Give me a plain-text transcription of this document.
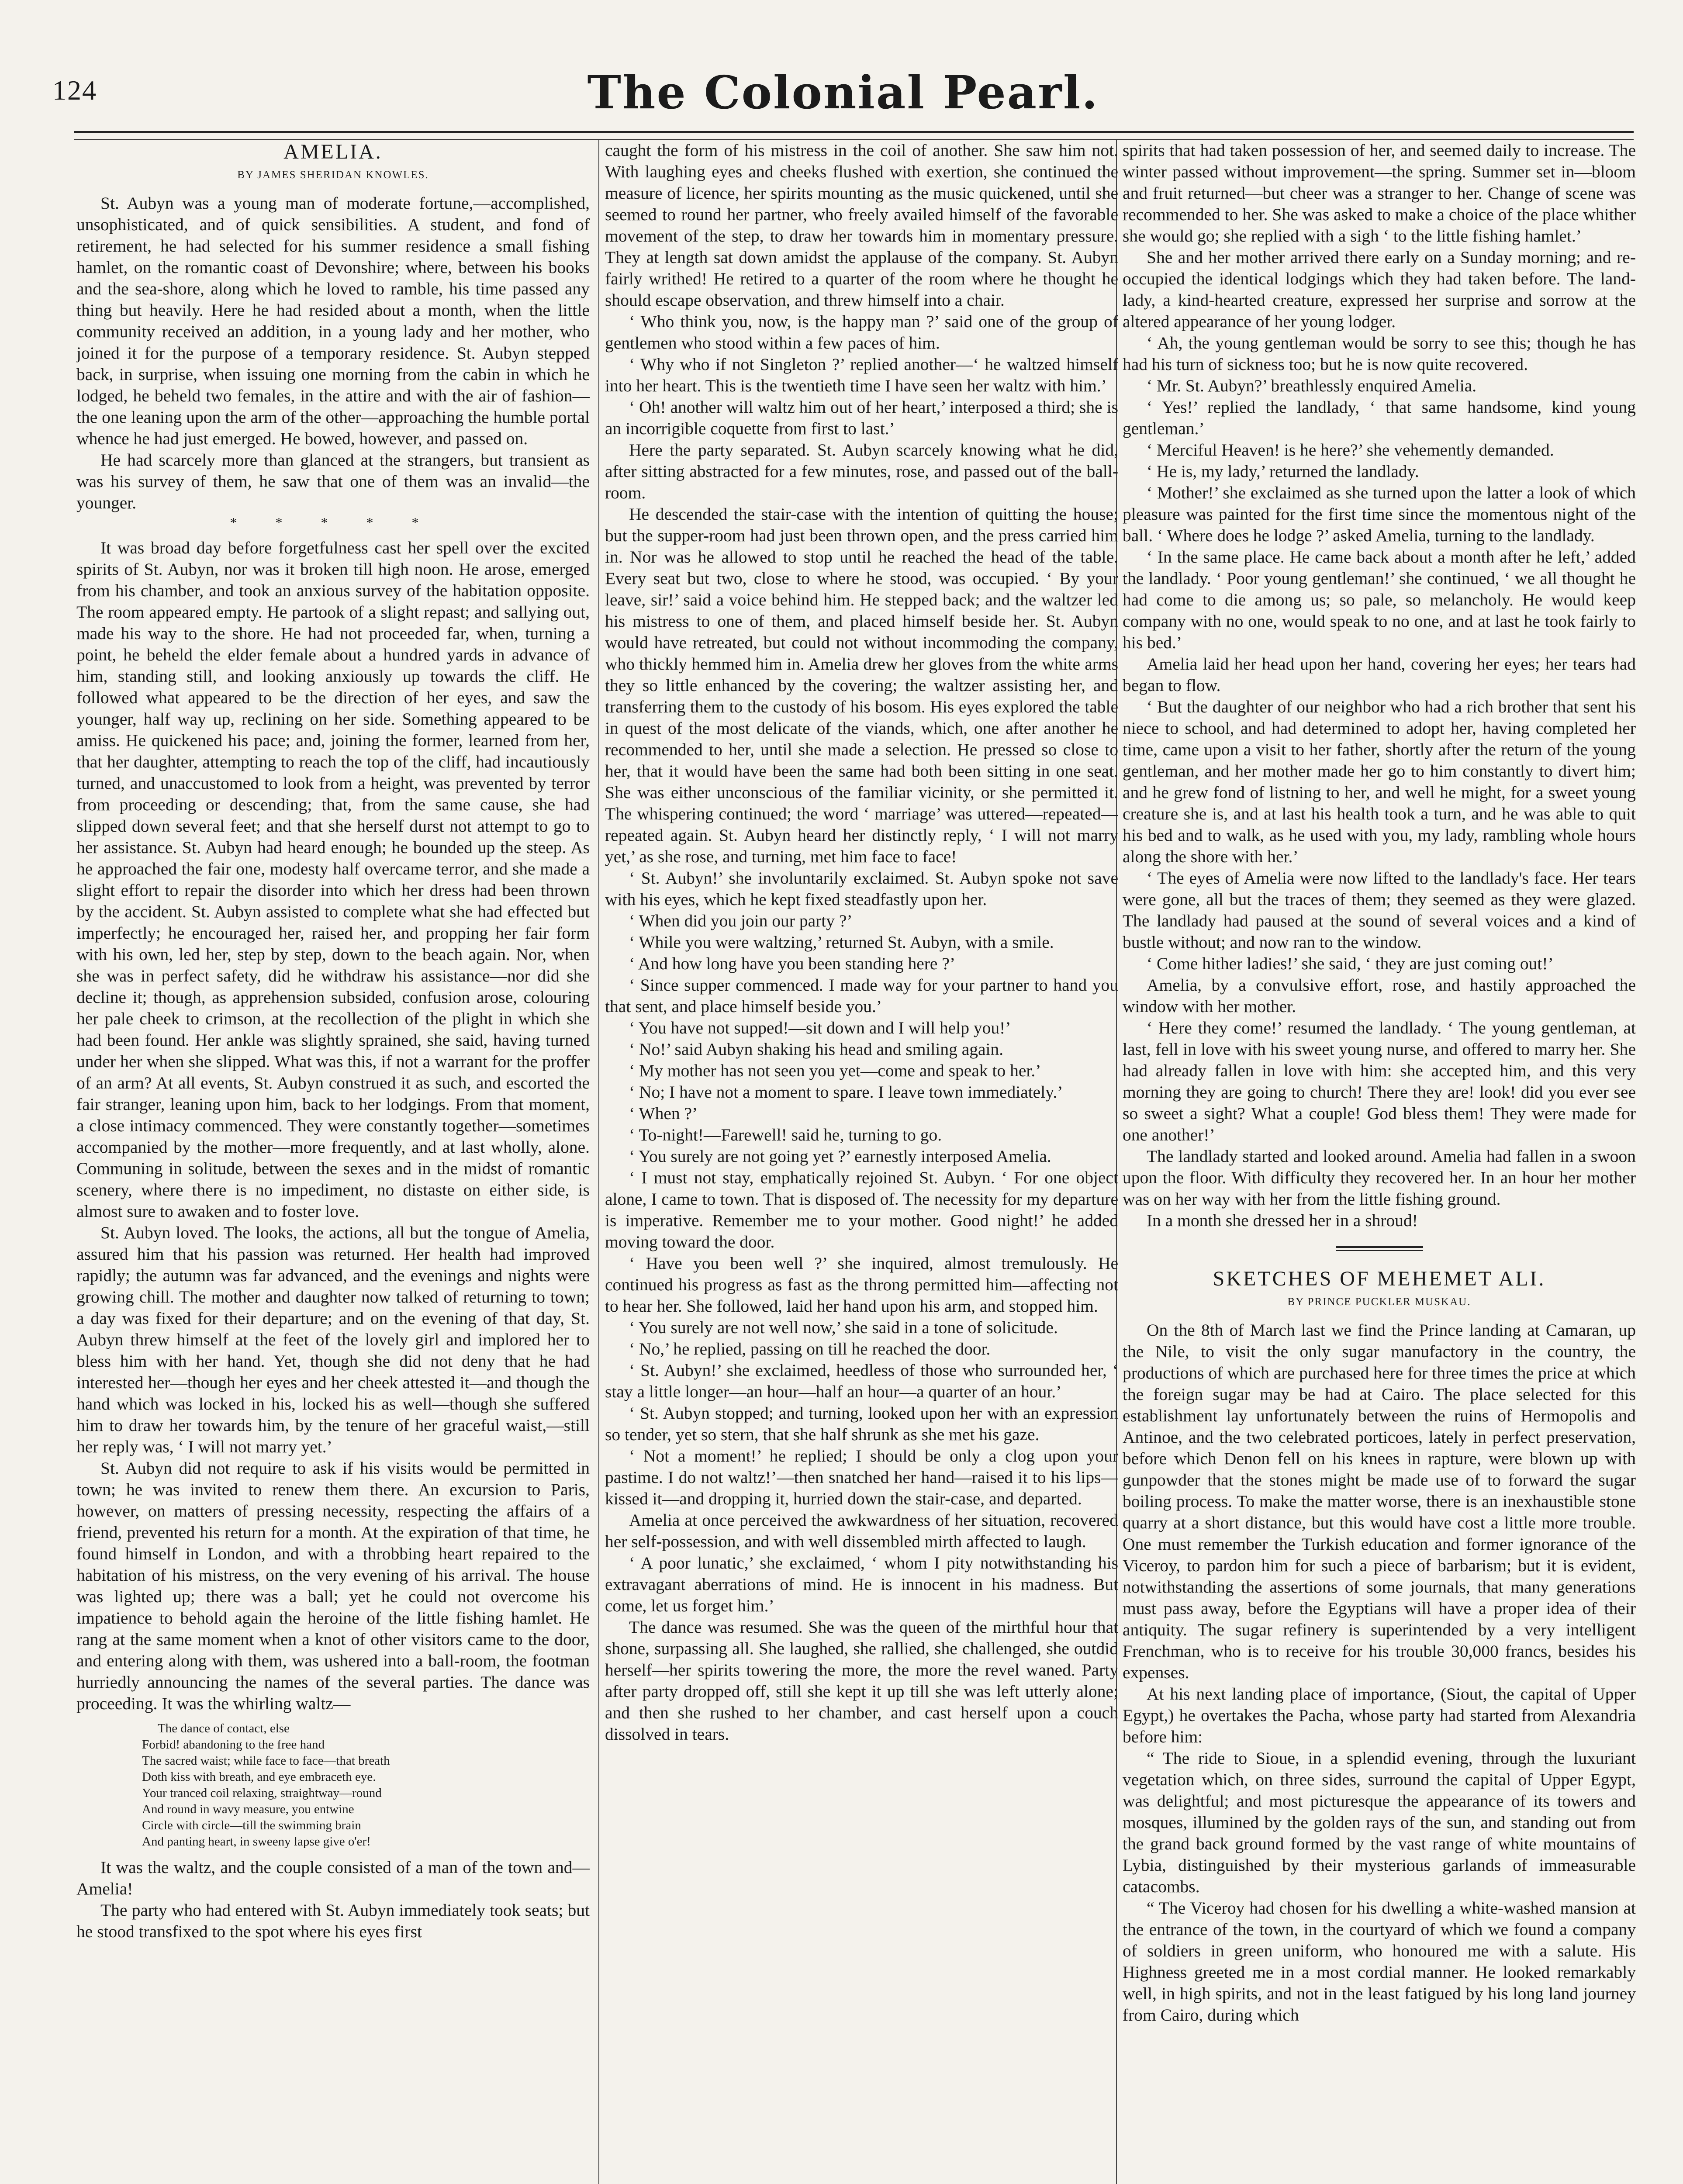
124	The Colonial Pearl.
AMELIA.
BY JAMES SHERIDAN KNOWLES.

St. Aubyn was a young man of moderate fortune,—accomplished, unsophisticated, and of quick sensibilities. A student, and fond of retirement, he had selected for his summer residence a small fishing hamlet, on the romantic coast of Devonshire; where, between his books and the sea-shore, along which he loved to ramble, his time passed any thing but heavily. Here he had resided about a month, when the little community received an addition, in a young lady and her mother, who joined it for the purpose of a temporary residence. St. Aubyn stepped back, in surprise, when issuing one morning from the cabin in which he lodged, he beheld two females, in the attire and with the air of fashion—the one leaning upon the arm of the other—approaching the humble portal whence he had just emerged. He bowed, however, and passed on.

He had scarcely more than glanced at the strangers, but transient as was his survey of them, he saw that one of them was an invalid—the younger.

* * * * *

It was broad day before forgetfulness cast her spell over the excited spirits of St. Aubyn, nor was it broken till high noon. He arose, emerged from his chamber, and took an anxious survey of the habitation opposite. The room appeared empty. He partook of a slight repast; and sallying out, made his way to the shore. He had not proceeded far, when, turning a point, he beheld the elder female about a hundred yards in advance of him, standing still, and looking anxiously up towards the cliff. He followed what appeared to be the direction of her eyes, and saw the younger, half way up, reclining on her side. Something appeared to be amiss. He quickened his pace; and, joining the former, learned from her, that her daughter, attempting to reach the top of the cliff, had incautiously turned, and unaccustomed to look from a height, was prevented by terror from proceeding or descending; that, from the same cause, she had slipped down several feet; and that she herself durst not attempt to go to her assistance. St. Aubyn had heard enough; he bounded up the steep. As he approached the fair one, modesty half overcame terror, and she made a slight effort to repair the disorder into which her dress had been thrown by the accident. St. Aubyn assisted to complete what she had effected but imperfectly; he encouraged her, raised her, and propping her fair form with his own, led her, step by step, down to the beach again. Nor, when she was in perfect safety, did he withdraw his assistance—nor did she decline it; though, as apprehension subsided, confusion arose, colouring her pale cheek to crimson, at the recollection of the plight in which she had been found. Her ankle was slightly sprained, she said, having turned under her when she slipped. What was this, if not a warrant for the proffer of an arm? At all events, St. Aubyn construed it as such, and escorted the fair stranger, leaning upon him, back to her lodgings. From that moment, a close intimacy commenced. They were constantly together—sometimes accompanied by the mother—more frequently, and at last wholly, alone. Communing in solitude, between the sexes and in the midst of romantic scenery, where there is no impediment, no distaste on either side, is almost sure to awaken and to foster love.

St. Aubyn loved. The looks, the actions, all but the tongue of Amelia, assured him that his passion was returned. Her health had improved rapidly; the autumn was far advanced, and the evenings and nights were growing chill. The mother and daughter now talked of returning to town; a day was fixed for their departure; and on the evening of that day, St. Aubyn threw himself at the feet of the lovely girl and implored her to bless him with her hand. Yet, though she did not deny that he had interested her—though her eyes and her cheek attested it—and though the hand which was locked in his, locked his as well—though she suffered him to draw her towards him, by the tenure of her graceful waist,—still her reply was, ‘ I will not marry yet.’

St. Aubyn did not require to ask if his visits would be permitted in town; he was invited to renew them there. An excursion to Paris, however, on matters of pressing necessity, respecting the affairs of a friend, prevented his return for a month. At the expiration of that time, he found himself in London, and with a throbbing heart repaired to the habitation of his mistress, on the very evening of his arrival. The house was lighted up; there was a ball; yet he could not overcome his impatience to behold again the heroine of the little fishing hamlet. He rang at the same moment when a knot of other visitors came to the door, and entering along with them, was ushered into a ball-room, the footman hurriedly announcing the names of the several parties. The dance was proceeding. It was the whirling waltz—

The dance of contact, else
Forbid! abandoning to the free hand
The sacred waist; while face to face—that breath
Doth kiss with breath, and eye embraceth eye.
Your tranced coil relaxing, straightway—round
And round in wavy measure, you entwine
Circle with circle—till the swimming brain
And panting heart, in sweeny lapse give o'er!

It was the waltz, and the couple consisted of a man of the town and—Amelia!

The party who had entered with St. Aubyn immediately took seats; but he stood transfixed to the spot where his eyes first

caught the form of his mistress in the coil of another. She saw him not. With laughing eyes and cheeks flushed with exertion, she continued the measure of licence, her spirits mounting as the music quickened, until she seemed to round her partner, who freely availed himself of the favorable movement of the step, to draw her towards him in momentary pressure. They at length sat down amidst the applause of the company. St. Aubyn fairly writhed! He retired to a quarter of the room where he thought he should escape observation, and threw himself into a chair.

‘ Who think you, now, is the happy man ?’ said one of the group of gentlemen who stood within a few paces of him.

‘ Why who if not Singleton ?’ replied another—‘ he waltzed himself into her heart. This is the twentieth time I have seen her waltz with him.’

‘ Oh! another will waltz him out of her heart,’ interposed a third; she is an incorrigible coquette from first to last.’

Here the party separated. St. Aubyn scarcely knowing what he did, after sitting abstracted for a few minutes, rose, and passed out of the ball-room.

He descended the stair-case with the intention of quitting the house; but the supper-room had just been thrown open, and the press carried him in. Nor was he allowed to stop until he reached the head of the table. Every seat but two, close to where he stood, was occupied. ‘ By your leave, sir!’ said a voice behind him. He stepped back; and the waltzer led his mistress to one of them, and placed himself beside her. St. Aubyn would have retreated, but could not without incommoding the company, who thickly hemmed him in. Amelia drew her gloves from the white arms they so little enhanced by the covering; the waltzer assisting her, and transferring them to the custody of his bosom. His eyes explored the table in quest of the most delicate of the viands, which, one after another he recommended to her, until she made a selection. He pressed so close to her, that it would have been the same had both been sitting in one seat. She was either unconscious of the familiar vicinity, or she permitted it. The whispering continued; the word ‘ marriage’ was uttered—repeated—repeated again. St. Aubyn heard her distinctly reply, ‘ I will not marry yet,’ as she rose, and turning, met him face to face!

‘ St. Aubyn!’ she involuntarily exclaimed. St. Aubyn spoke not save with his eyes, which he kept fixed steadfastly upon her.

‘ When did you join our party ?’

‘ While you were waltzing,’ returned St. Aubyn, with a smile.

‘ And how long have you been standing here ?’

‘ Since supper commenced. I made way for your partner to hand you that sent, and place himself beside you.’

‘ You have not supped!—sit down and I will help you!’

‘ No!’ said Aubyn shaking his head and smiling again.

‘ My mother has not seen you yet—come and speak to her.’

‘ No; I have not a moment to spare. I leave town immediately.’

‘ When ?’

‘ To-night!—Farewell! said he, turning to go.

‘ You surely are not going yet ?’ earnestly interposed Amelia.

‘ I must not stay, emphatically rejoined St. Aubyn. ‘ For one object alone, I came to town. That is disposed of. The necessity for my departure is imperative. Remember me to your mother. Good night!’ he added moving toward the door.

‘ Have you been well ?’ she inquired, almost tremulously. He continued his progress as fast as the throng permitted him—affecting not to hear her. She followed, laid her hand upon his arm, and stopped him.

‘ You surely are not well now,’ she said in a tone of solicitude.

‘ No,’ he replied, passing on till he reached the door.

‘ St. Aubyn!’ she exclaimed, heedless of those who surrounded her, ‘ stay a little longer—an hour—half an hour—a quarter of an hour.’

‘ St. Aubyn stopped; and turning, looked upon her with an expression so tender, yet so stern, that she half shrunk as she met his gaze.

‘ Not a moment!’ he replied; I should be only a clog upon your pastime. I do not waltz!’—then snatched her hand—raised it to his lips—kissed it—and dropping it, hurried down the stair-case, and departed.

Amelia at once perceived the awkwardness of her situation, recovered her self-possession, and with well dissembled mirth affected to laugh.

‘ A poor lunatic,’ she exclaimed, ‘ whom I pity notwithstanding his extravagant aberrations of mind. He is innocent in his madness. But come, let us forget him.’

The dance was resumed. She was the queen of the mirthful hour that shone, surpassing all. She laughed, she rallied, she challenged, she outdid herself—her spirits towering the more, the more the revel waned. Party after party dropped off, still she kept it up till she was left utterly alone; and then she rushed to her chamber, and cast herself upon a couch dissolved in tears.

spirits that had taken possession of her, and seemed daily to increase. The winter passed without improvement—the spring. Summer set in—bloom and fruit returned—but cheer was a stranger to her. Change of scene was recommended to her. She was asked to make a choice of the place whither she would go; she replied with a sigh ‘ to the little fishing hamlet.’

She and her mother arrived there early on a Sunday morning; and re-occupied the identical lodgings which they had taken before. The land-lady, a kind-hearted creature, expressed her surprise and sorrow at the altered appearance of her young lodger.

‘ Ah, the young gentleman would be sorry to see this; though he has had his turn of sickness too; but he is now quite recovered.

‘ Mr. St. Aubyn?’ breathlessly enquired Amelia.

‘ Yes!’ replied the landlady, ‘ that same handsome, kind young gentleman.’

‘ Merciful Heaven! is he here?’ she vehemently demanded.

‘ He is, my lady,’ returned the landlady.

‘ Mother!’ she exclaimed as she turned upon the latter a look of which pleasure was painted for the first time since the momentous night of the ball. ‘ Where does he lodge ?’ asked Amelia, turning to the landlady.

‘ In the same place. He came back about a month after he left,’ added the landlady. ‘ Poor young gentleman!’ she continued, ‘ we all thought he had come to die among us; so pale, so melancholy. He would keep company with no one, would speak to no one, and at last he took fairly to his bed.’

Amelia laid her head upon her hand, covering her eyes; her tears had began to flow.

‘ But the daughter of our neighbor who had a rich brother that sent his niece to school, and had determined to adopt her, having completed her time, came upon a visit to her father, shortly after the return of the young gentleman, and her mother made her go to him constantly to divert him; and he grew fond of listning to her, and well he might, for a sweet young creature she is, and at last his health took a turn, and he was able to quit his bed and to walk, as he used with you, my lady, rambling whole hours along the shore with her.’

‘ The eyes of Amelia were now lifted to the landlady's face. Her tears were gone, all but the traces of them; they seemed as they were glazed. The landlady had paused at the sound of several voices and a kind of bustle without; and now ran to the window.

‘ Come hither ladies!’ she said, ‘ they are just coming out!’

Amelia, by a convulsive effort, rose, and hastily approached the window with her mother.

‘ Here they come!’ resumed the landlady. ‘ The young gentleman, at last, fell in love with his sweet young nurse, and offered to marry her. She had already fallen in love with him: she accepted him, and this very morning they are going to church! There they are! look! did you ever see so sweet a sight? What a couple! God bless them! They were made for one another!’

The landlady started and looked around. Amelia had fallen in a swoon upon the floor. With difficulty they recovered her. In an hour her mother was on her way with her from the little fishing ground.

In a month she dressed her in a shroud!

SKETCHES OF MEHEMET ALI.
BY PRINCE PUCKLER MUSKAU.

On the 8th of March last we find the Prince landing at Camaran, up the Nile, to visit the only sugar manufactory in the country, the productions of which are purchased here for three times the price at which the foreign sugar may be had at Cairo. The place selected for this establishment lay unfortunately between the ruins of Hermopolis and Antinoe, and the two celebrated porticoes, lately in perfect preservation, before which Denon fell on his knees in rapture, were blown up with gunpowder that the stones might be made use of to forward the sugar boiling process. To make the matter worse, there is an inexhaustible stone quarry at a short distance, but this would have cost a little more trouble. One must remember the Turkish education and former ignorance of the Viceroy, to pardon him for such a piece of barbarism; but it is evident, notwithstanding the assertions of some journals, that many generations must pass away, before the Egyptians will have a proper idea of their antiquity. The sugar refinery is superintended by a very intelligent Frenchman, who is to receive for his trouble 30,000 francs, besides his expenses.

At his next landing place of importance, (Siout, the capital of Upper Egypt,) he overtakes the Pacha, whose party had started from Alexandria before him:

“ The ride to Sioue, in a splendid evening, through the luxuriant vegetation which, on three sides, surround the capital of Upper Egypt, was delightful; and most picturesque the appearance of its towers and mosques, illumined by the golden rays of the sun, and standing out from the grand back ground formed by the vast range of white mountains of Lybia, distinguished by their mysterious garlands of immeasurable catacombs.

“ The Viceroy had chosen for his dwelling a white-washed mansion at the entrance of the town, in the courtyard of which we found a company of soldiers in green uniform, who honoured me with a salute. His Highness greeted me in a most cordial manner. He looked remarkably well, in high spirits, and not in the least fatigued by his long land journey from Cairo, during which
